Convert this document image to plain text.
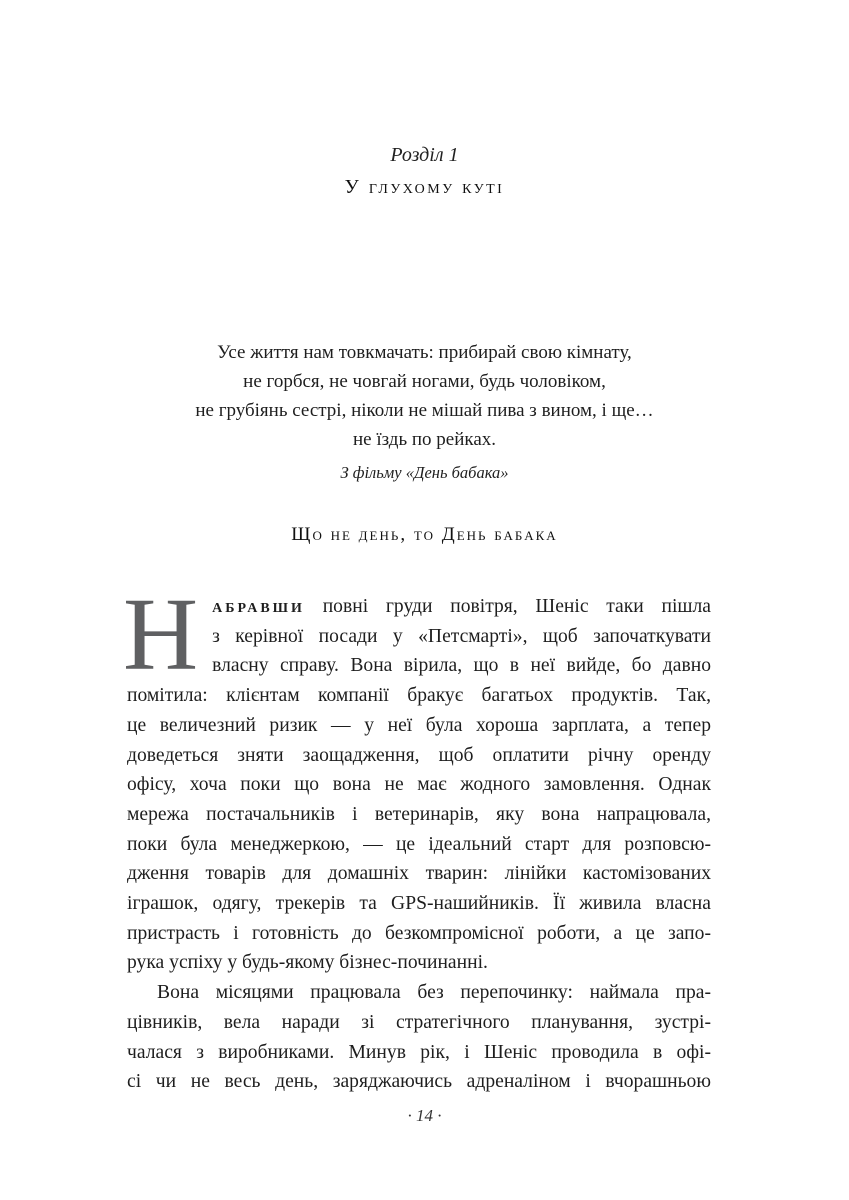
Розділ 1
У глухому куті
Усе життя нам товкмачать: прибирай свою кімнату,
не горбся, не човгай ногами, будь чоловіком,
не грубіянь сестрі, ніколи не мішай пива з вином, і ще…
не їздь по рейках.
З фільму «День бабака»
Що не день, то День бабака
Н абравши повні груди повітря, Шеніс таки пішла
з керівної посади у «Петсмарті», щоб започаткувати
власну справу. Вона вірила, що в неї вийде, бо давно
помітила: клієнтам компанії бракує багатьох продуктів. Так,
це величезний ризик — у неї була хороша зарплата, а тепер
доведеться зняти заощадження, щоб оплатити річну оренду
офісу, хоча поки що вона не має жодного замовлення. Однак
мережа постачальників і ветеринарів, яку вона напрацювала,
поки була менеджеркою, — це ідеальний старт для розповсю-
дження товарів для домашніх тварин: лінійки кастомізованих
іграшок, одягу, трекерів та GPS-нашийників. Її живила власна
пристрасть і готовність до безкомпромісної роботи, а це запо-
рука успіху у будь-якому бізнес-починанні.
Вона місяцями працювала без перепочинку: наймала пра-
цівників, вела наради зі стратегічного планування, зустрі-
чалася з виробниками. Минув рік, і Шеніс проводила в офі-
сі чи не весь день, заряджаючись адреналіном і вчорашньою
· 14 ·
